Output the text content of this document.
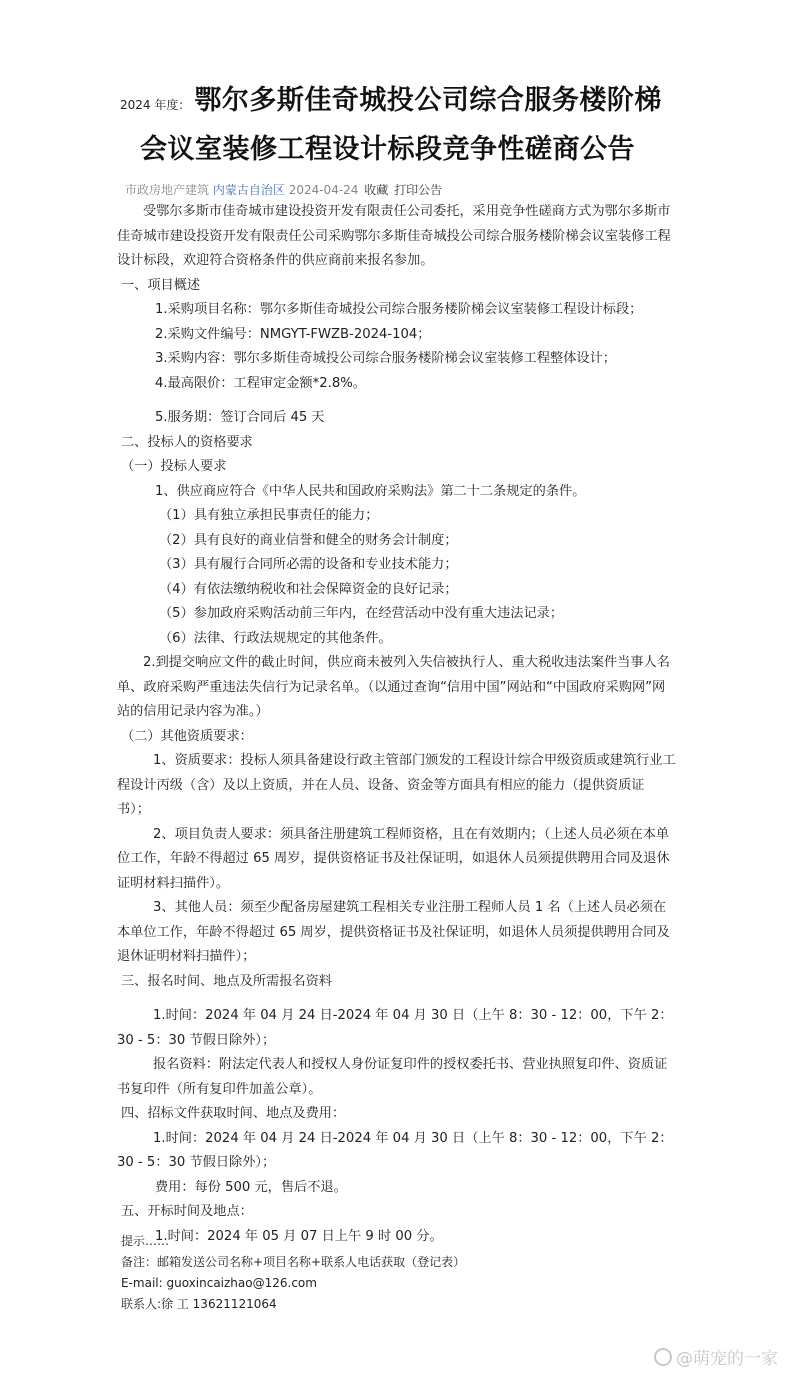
2024 年度： 鄂尔多斯佳奇城投公司综合服务楼阶梯
会议室装修工程设计标段竞争性磋商公告
市政房地产建筑 内蒙古自治区 2024-04-24 收藏 打印公告

受鄂尔多斯市佳奇城市建设投资开发有限责任公司委托，采用竞争性磋商方式为鄂尔多斯市佳奇城市建设投资开发有限责任公司采购鄂尔多斯佳奇城投公司综合服务楼阶梯会议室装修工程设计标段，欢迎符合资格条件的供应商前来报名参加。

一、项目概述

1.采购项目名称：鄂尔多斯佳奇城投公司综合服务楼阶梯会议室装修工程设计标段；

2.采购文件编号：NMGYT-FWZB-2024-104；

3.采购内容：鄂尔多斯佳奇城投公司综合服务楼阶梯会议室装修工程整体设计；

4.最高限价：工程审定金额*2.8%。

5.服务期：签订合同后 45 天

二、投标人的资格要求

（一）投标人要求

1、供应商应符合《中华人民共和国政府采购法》第二十二条规定的条件。

（1）具有独立承担民事责任的能力；

（2）具有良好的商业信誉和健全的财务会计制度；

（3）具有履行合同所必需的设备和专业技术能力；

（4）有依法缴纳税收和社会保障资金的良好记录；

（5）参加政府采购活动前三年内，在经营活动中没有重大违法记录；

（6）法律、行政法规规定的其他条件。

2.到提交响应文件的截止时间，供应商未被列入失信被执行人、重大税收违法案件当事人名单、政府采购严重违法失信行为记录名单。（以通过查询“信用中国”网站和“中国政府采购网”网站的信用记录内容为准。）

（二）其他资质要求：

1、资质要求：投标人须具备建设行政主管部门颁发的工程设计综合甲级资质或建筑行业工程设计丙级（含）及以上资质，并在人员、设备、资金等方面具有相应的能力（提供资质证书）；

2、项目负责人要求：须具备注册建筑工程师资格，且在有效期内；（上述人员必须在本单位工作，年龄不得超过 65 周岁，提供资格证书及社保证明，如退休人员须提供聘用合同及退休证明材料扫描件）。

3、其他人员：须至少配备房屋建筑工程相关专业注册工程师人员 1 名（上述人员必须在本单位工作，年龄不得超过 65 周岁，提供资格证书及社保证明，如退休人员须提供聘用合同及退休证明材料扫描件）；

三、报名时间、地点及所需报名资料

1.时间：2024 年 04 月 24 日-2024 年 04 月 30 日（上午 8：30 - 12：00，下午 2：30 - 5：30 节假日除外）；

报名资料：附法定代表人和授权人身份证复印件的授权委托书、营业执照复印件、资质证书复印件（所有复印件加盖公章）。

四、招标文件获取时间、地点及费用：

1.时间：2024 年 04 月 24 日-2024 年 04 月 30 日（上午 8：30 - 12：00，下午 2：30 - 5：30 节假日除外）；

费用：每份 500 元，售后不退。

五、开标时间及地点：

1.时间：2024 年 05 月 07 日上午 9 时 00 分。

提示……
备注：邮箱发送公司名称+项目名称+联系人电话获取（登记表）
E-mail: guoxincaizhao@126.com
联系人:徐 工 13621121064
@萌宠的一家
